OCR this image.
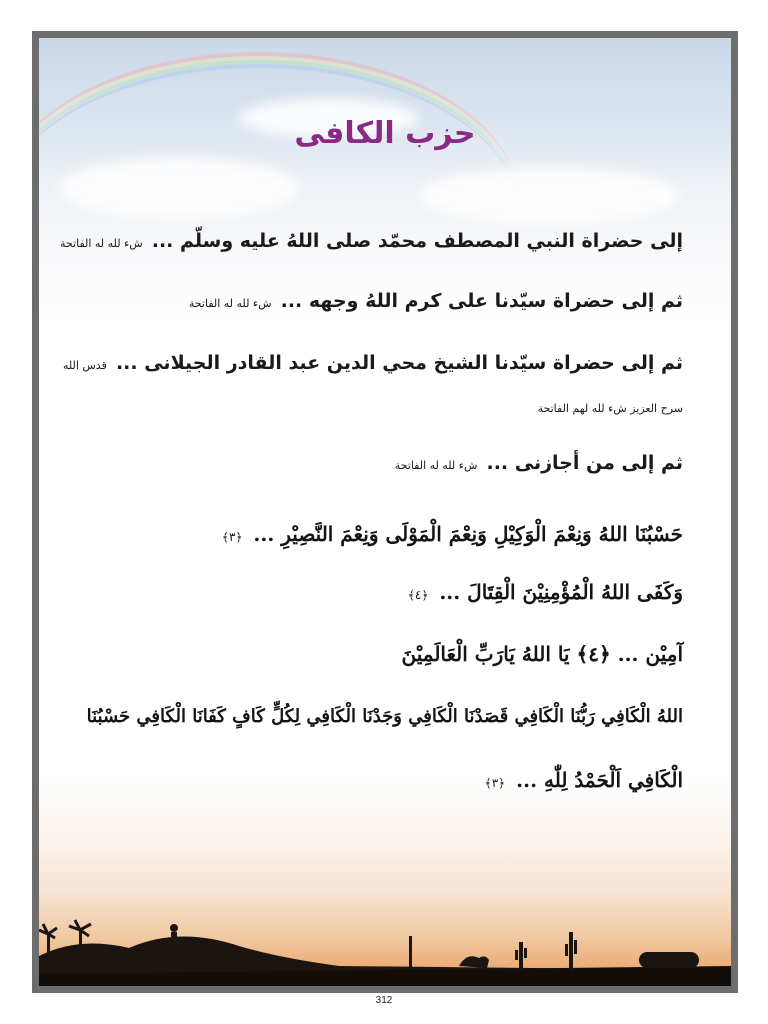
حزب الكافى
إلى حضراة النبي المصطف محمّد صلى اللهُ عليه وسلّم ... شء لله له الفاتحة
ثم إلى حضراة سيّدنا على كرم اللهُ وجهه ... شء لله له الفاتحة
ثم إلى حضراة سيّدنا الشيخ محي الدين عبد القادر الجيلانى ... قدس الله
سرح العزيز شء لله لهم الفاتحة
ثم إلى من أجازنى ... شء لله له الفاتحة
حَسْبُنَا اللهُ وَنِعْمَ الْوَكِيْلِ وَنِعْمَ الْمَوْلَى وَنِعْمَ النَّصِيْرِ ... ﴿٣﴾
وَكَفَى اللهُ الْمُؤْمِنِيْنَ الْقِتَالَ ... ﴿٤﴾
آمِيْن ... ﴿٤﴾ يَا اللهُ يَارَبِّ الْعَالَمِيْنَ
اللهُ الْكَافِي رَبُّنَا الْكَافِي قَصَدْنَا الْكَافِي وَجَدْنَا الْكَافِي لِكُلٍّ كَافٍ كَفَانَا الْكَافِي حَسْبُنَا
الْكَافِي اَلْحَمْدُ لِلّٰهِ ... ﴿٣﴾
312
